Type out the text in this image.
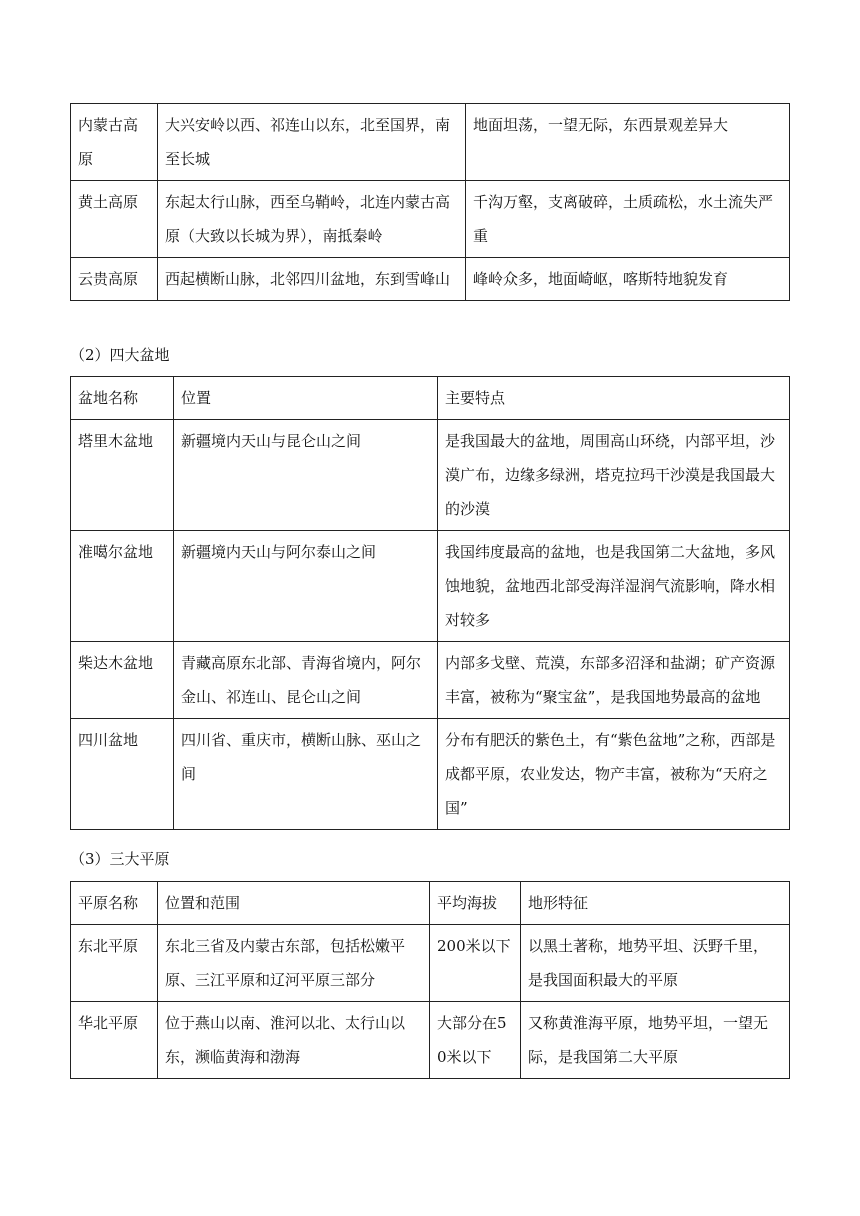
内蒙古高原	大兴安岭以西、祁连山以东，北至国界，南至长城	地面坦荡，一望无际，东西景观差异大
黄土高原	东起太行山脉，西至乌鞘岭，北连内蒙古高原（大致以长城为界），南抵秦岭	千沟万壑，支离破碎，土质疏松，水土流失严重
云贵高原	西起横断山脉，北邻四川盆地，东到雪峰山	峰岭众多，地面崎岖，喀斯特地貌发育
（2）四大盆地
盆地名称	位置	主要特点
塔里木盆地	新疆境内天山与昆仑山之间	是我国最大的盆地，周围高山环绕，内部平坦，沙漠广布，边缘多绿洲，塔克拉玛干沙漠是我国最大的沙漠
准噶尔盆地	新疆境内天山与阿尔泰山之间	我国纬度最高的盆地，也是我国第二大盆地，多风蚀地貌，盆地西北部受海洋湿润气流影响，降水相对较多
柴达木盆地	青藏高原东北部、青海省境内，阿尔金山、祁连山、昆仑山之间	内部多戈壁、荒漠，东部多沼泽和盐湖；矿产资源丰富，被称为“聚宝盆”，是我国地势最高的盆地
四川盆地	四川省、重庆市，横断山脉、巫山之间	分布有肥沃的紫色土，有“紫色盆地”之称，西部是成都平原，农业发达，物产丰富，被称为“天府之国”
（3）三大平原
平原名称	位置和范围	平均海拔	地形特征
东北平原	东北三省及内蒙古东部，包括松嫩平原、三江平原和辽河平原三部分	200米以下	以黑土著称，地势平坦、沃野千里，是我国面积最大的平原
华北平原	位于燕山以南、淮河以北、太行山以东，濒临黄海和渤海	大部分在50米以下	又称黄淮海平原，地势平坦，一望无际，是我国第二大平原
